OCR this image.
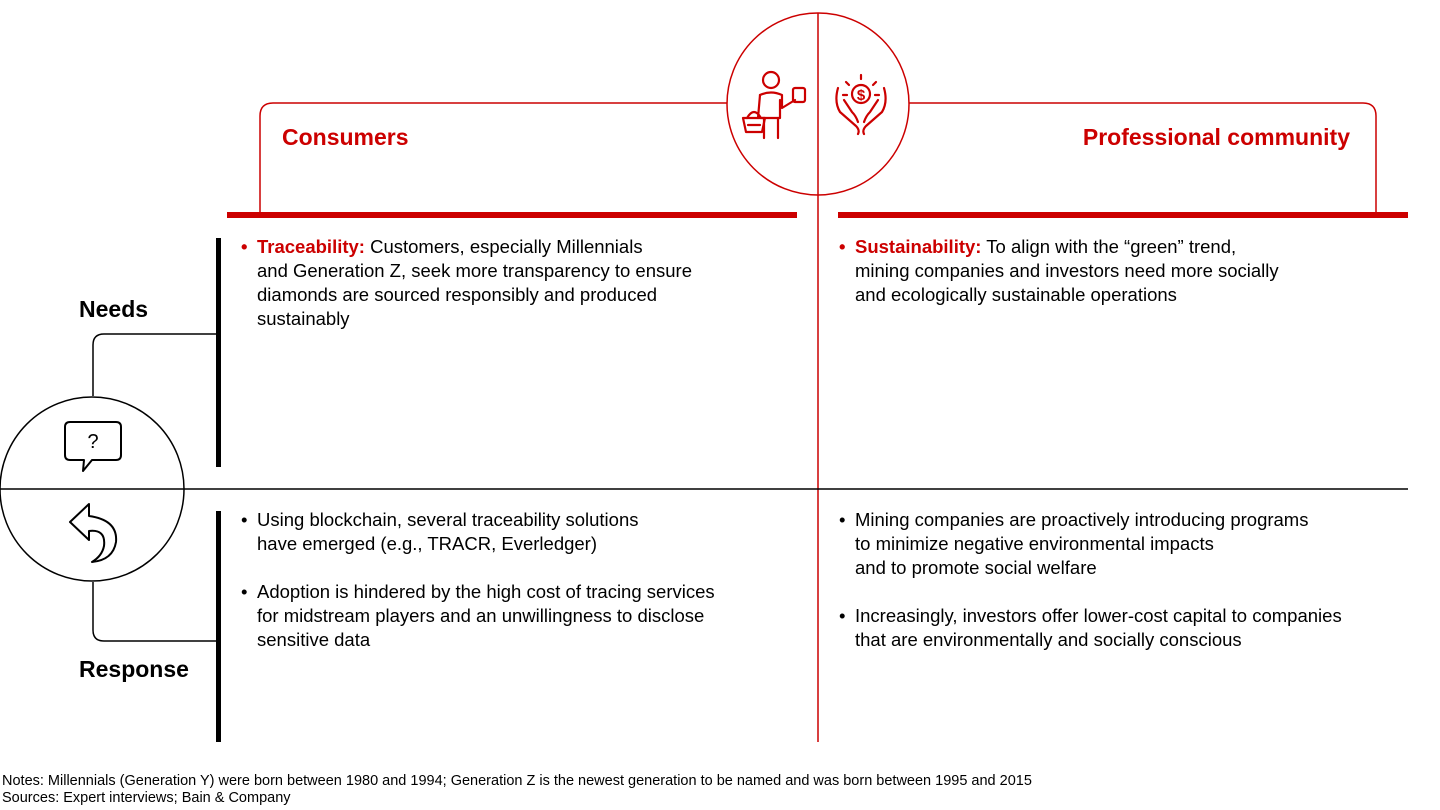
$
?
Consumers	Professional community
Needs
Response
• Traceability: Customers, especially Millennials
and Generation Z, seek more transparency to ensure
diamonds are sourced responsibly and produced
sustainably
• Sustainability: To align with the “green” trend,
mining companies and investors need more socially
and ecologically sustainable operations
• Using blockchain, several traceability solutions
have emerged (e.g., TRACR, Everledger)
• Adoption is hindered by the high cost of tracing services
for midstream players and an unwillingness to disclose
sensitive data
• Mining companies are proactively introducing programs
to minimize negative environmental impacts
and to promote social welfare
• Increasingly, investors offer lower-cost capital to companies
that are environmentally and socially conscious
Notes: Millennials (Generation Y) were born between 1980 and 1994; Generation Z is the newest generation to be named and was born between 1995 and 2015
Sources: Expert interviews; Bain & Company
